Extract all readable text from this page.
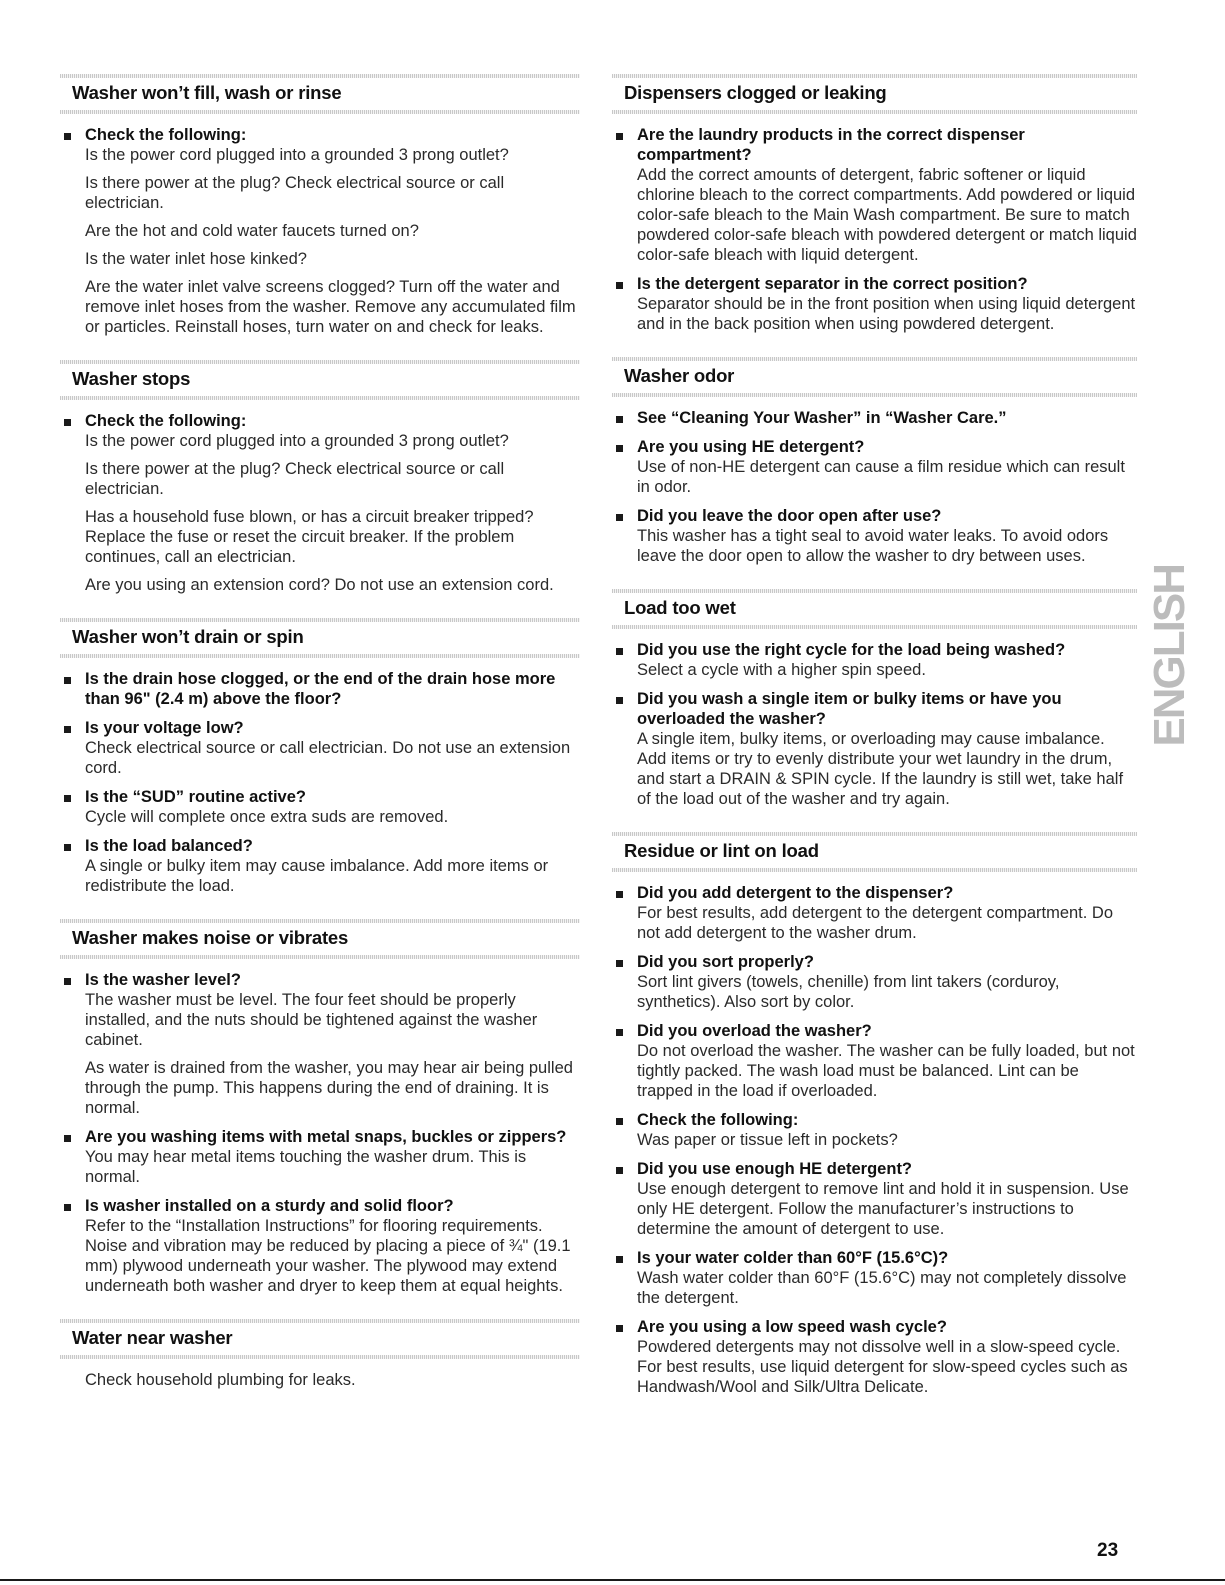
Washer won’t fill, wash or rinse
Check the following:
Is the power cord plugged into a grounded 3 prong outlet?
Is there power at the plug? Check electrical source or call electrician.
Are the hot and cold water faucets turned on?
Is the water inlet hose kinked?
Are the water inlet valve screens clogged? Turn off the water and remove inlet hoses from the washer. Remove any accumulated film or particles. Reinstall hoses, turn water on and check for leaks.
Washer stops
Check the following:
Is the power cord plugged into a grounded 3 prong outlet?
Is there power at the plug? Check electrical source or call electrician.
Has a household fuse blown, or has a circuit breaker tripped? Replace the fuse or reset the circuit breaker. If the problem continues, call an electrician.
Are you using an extension cord? Do not use an extension cord.
Washer won’t drain or spin
Is the drain hose clogged, or the end of the drain hose more than 96" (2.4 m) above the floor?
Is your voltage low?
Check electrical source or call electrician. Do not use an extension cord.
Is the “SUD” routine active?
Cycle will complete once extra suds are removed.
Is the load balanced?
A single or bulky item may cause imbalance. Add more items or redistribute the load.
Washer makes noise or vibrates
Is the washer level?
The washer must be level. The four feet should be properly installed, and the nuts should be tightened against the washer cabinet.
As water is drained from the washer, you may hear air being pulled through the pump. This happens during the end of draining. It is normal.
Are you washing items with metal snaps, buckles or zippers?
You may hear metal items touching the washer drum. This is normal.
Is washer installed on a sturdy and solid floor?
Refer to the “Installation Instructions” for flooring requirements. Noise and vibration may be reduced by placing a piece of ¾" (19.1 mm) plywood underneath your washer. The plywood may extend underneath both washer and dryer to keep them at equal heights.
Water near washer
Check household plumbing for leaks.
Dispensers clogged or leaking
Are the laundry products in the correct dispenser compartment?
Add the correct amounts of detergent, fabric softener or liquid chlorine bleach to the correct compartments. Add powdered or liquid color-safe bleach to the Main Wash compartment. Be sure to match powdered color-safe bleach with powdered detergent or match liquid color-safe bleach with liquid detergent.
Is the detergent separator in the correct position?
Separator should be in the front position when using liquid detergent and in the back position when using powdered detergent.
Washer odor
See “Cleaning Your Washer” in “Washer Care.”
Are you using HE detergent?
Use of non-HE detergent can cause a film residue which can result in odor.
Did you leave the door open after use?
This washer has a tight seal to avoid water leaks. To avoid odors leave the door open to allow the washer to dry between uses.
Load too wet
Did you use the right cycle for the load being washed?
Select a cycle with a higher spin speed.
Did you wash a single item or bulky items or have you overloaded the washer?
A single item, bulky items, or overloading may cause imbalance. Add items or try to evenly distribute your wet laundry in the drum, and start a DRAIN & SPIN cycle. If the laundry is still wet, take half of the load out of the washer and try again.
Residue or lint on load
Did you add detergent to the dispenser?
For best results, add detergent to the detergent compartment. Do not add detergent to the washer drum.
Did you sort properly?
Sort lint givers (towels, chenille) from lint takers (corduroy, synthetics). Also sort by color.
Did you overload the washer?
Do not overload the washer. The washer can be fully loaded, but not tightly packed. The wash load must be balanced. Lint can be trapped in the load if overloaded.
Check the following:
Was paper or tissue left in pockets?
Did you use enough HE detergent?
Use enough detergent to remove lint and hold it in suspension. Use only HE detergent. Follow the manufacturer’s instructions to determine the amount of detergent to use.
Is your water colder than 60°F (15.6°C)?
Wash water colder than 60°F (15.6°C) may not completely dissolve the detergent.
Are you using a low speed wash cycle?
Powdered detergents may not dissolve well in a slow-speed cycle. For best results, use liquid detergent for slow-speed cycles such as Handwash/Wool and Silk/Ultra Delicate.
ENGLISH
23
